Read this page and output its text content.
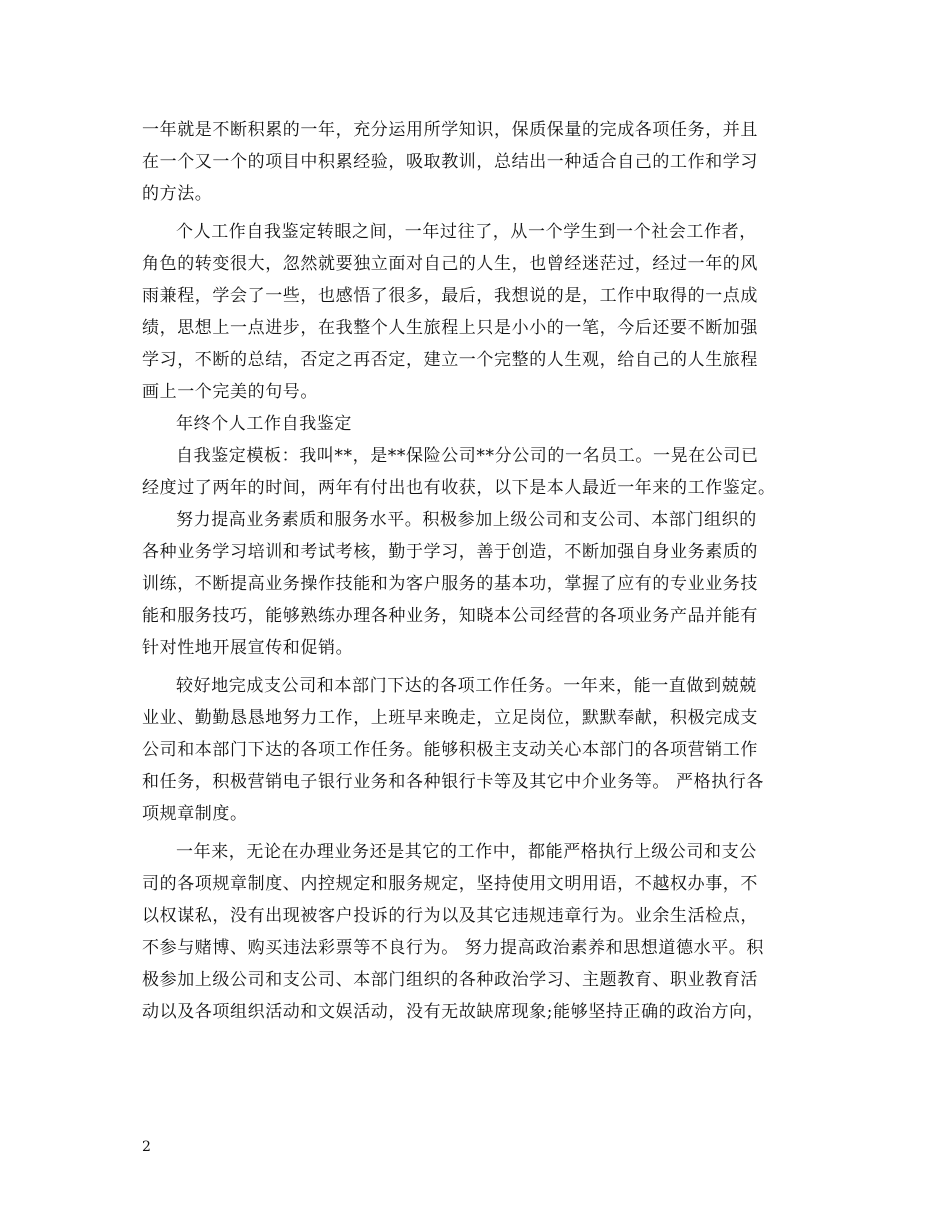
一年就是不断积累的一年，充分运用所学知识，保质保量的完成各项任务，并且
在一个又一个的项目中积累经验，吸取教训，总结出一种适合自己的工作和学习
的方法。
个人工作自我鉴定转眼之间，一年过往了，从一个学生到一个社会工作者，
角色的转变很大，忽然就要独立面对自己的人生，也曾经迷茫过，经过一年的风
雨兼程，学会了一些，也感悟了很多，最后，我想说的是，工作中取得的一点成
绩，思想上一点进步，在我整个人生旅程上只是小小的一笔，今后还要不断加强
学习，不断的总结，否定之再否定，建立一个完整的人生观，给自己的人生旅程
画上一个完美的句号。
年终个人工作自我鉴定
自我鉴定模板：我叫**，是**保险公司**分公司的一名员工。一晃在公司已
经度过了两年的时间，两年有付出也有收获，以下是本人最近一年来的工作鉴定。
努力提高业务素质和服务水平。积极参加上级公司和支公司、本部门组织的
各种业务学习培训和考试考核，勤于学习，善于创造，不断加强自身业务素质的
训练，不断提高业务操作技能和为客户服务的基本功，掌握了应有的专业业务技
能和服务技巧，能够熟练办理各种业务，知晓本公司经营的各项业务产品并能有
针对性地开展宣传和促销。
较好地完成支公司和本部门下达的各项工作任务。一年来，能一直做到兢兢
业业、勤勤恳恳地努力工作，上班早来晚走，立足岗位，默默奉献，积极完成支
公司和本部门下达的各项工作任务。能够积极主支动关心本部门的各项营销工作
和任务，积极营销电子银行业务和各种银行卡等及其它中介业务等。 严格执行各
项规章制度。
一年来，无论在办理业务还是其它的工作中，都能严格执行上级公司和支公
司的各项规章制度、内控规定和服务规定，坚持使用文明用语，不越权办事，不
以权谋私，没有出现被客户投诉的行为以及其它违规违章行为。业余生活检点，
不参与赌博、购买违法彩票等不良行为。 努力提高政治素养和思想道德水平。积
极参加上级公司和支公司、本部门组织的各种政治学习、主题教育、职业教育活
动以及各项组织活动和文娱活动，没有无故缺席现象;能够坚持正确的政治方向，
2
